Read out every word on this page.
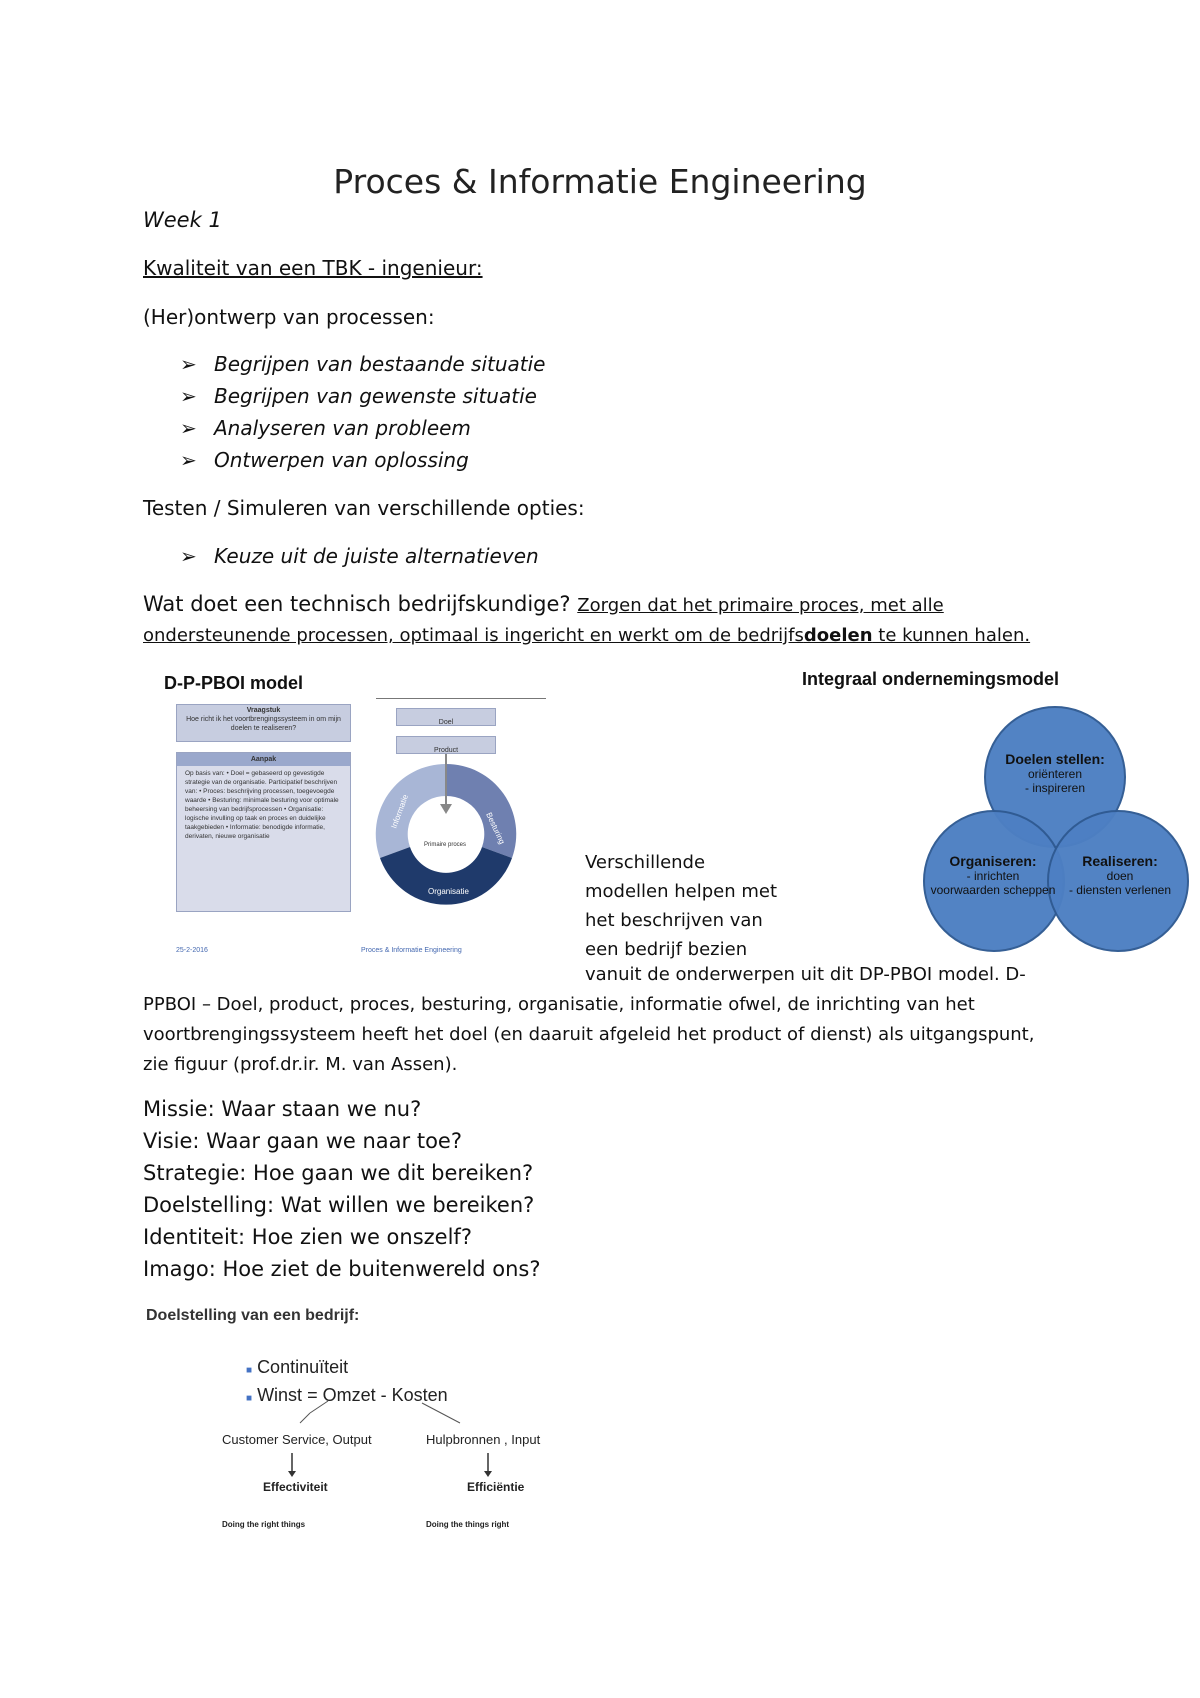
Proces & Informatie Engineering
Week 1
Kwaliteit van een TBK - ingenieur:
(Her)ontwerp van processen:
➢ Begrijpen van bestaande situatie
➢ Begrijpen van gewenste situatie
➢ Analyseren van probleem
➢ Ontwerpen van oplossing
Testen / Simuleren van verschillende opties:
➢ Keuze uit de juiste alternatieven
Wat doet een technisch bedrijfskundige? Zorgen dat het primaire proces, met alle ondersteunende processen, optimaal is ingericht en werkt om de bedrijfsdoelen te kunnen halen.
D-P-PBOI model
Vraagstuk
Hoe richt ik het voortbrengingssysteem in om mijn doelen te realiseren?
Aanpak
Op basis van: • Doel = gebaseerd op gevestigde strategie van de organisatie. Participatief beschrijven van: • Proces: beschrijving processen, toegevoegde waarde • Besturing: minimale besturing voor optimale beheersing van bedrijfsprocessen • Organisatie: logische invulling op taak en proces en duidelijke taakgebieden • Informatie: benodigde informatie, derivaten, nieuwe organisatie
Doel
Product
Informatie	Besturing
Organisatie
Primaire proces
25-2-2016	Proces & Informatie Engineering
Integraal ondernemingsmodel
Doelen stellen:
oriënteren
- inspireren
Organiseren:
- inrichten
voorwaarden scheppen
Realiseren:
doen
- diensten verlenen
Verschillende
modellen helpen met
het beschrijven van
een bedrijf bezien
vanuit de onderwerpen uit dit DP-PBOI model. D-
PPBOI – Doel, product, proces, besturing, organisatie, informatie ofwel, de inrichting van het voortbrengingssysteem heeft het doel (en daaruit afgeleid het product of dienst) als uitgangspunt, zie figuur (prof.dr.ir. M. van Assen).
Missie: Waar staan we nu?
Visie: Waar gaan we naar toe?
Strategie: Hoe gaan we dit bereiken?
Doelstelling: Wat willen we bereiken?
Identiteit: Hoe zien we onszelf?
Imago: Hoe ziet de buitenwereld ons?
Doelstelling van een bedrijf:
■ Continuïteit
■ Winst = Omzet - Kosten
Customer Service, Output	Hulpbronnen , Input
Effectiviteit	Efficiëntie
Doing the right things	Doing the things right
